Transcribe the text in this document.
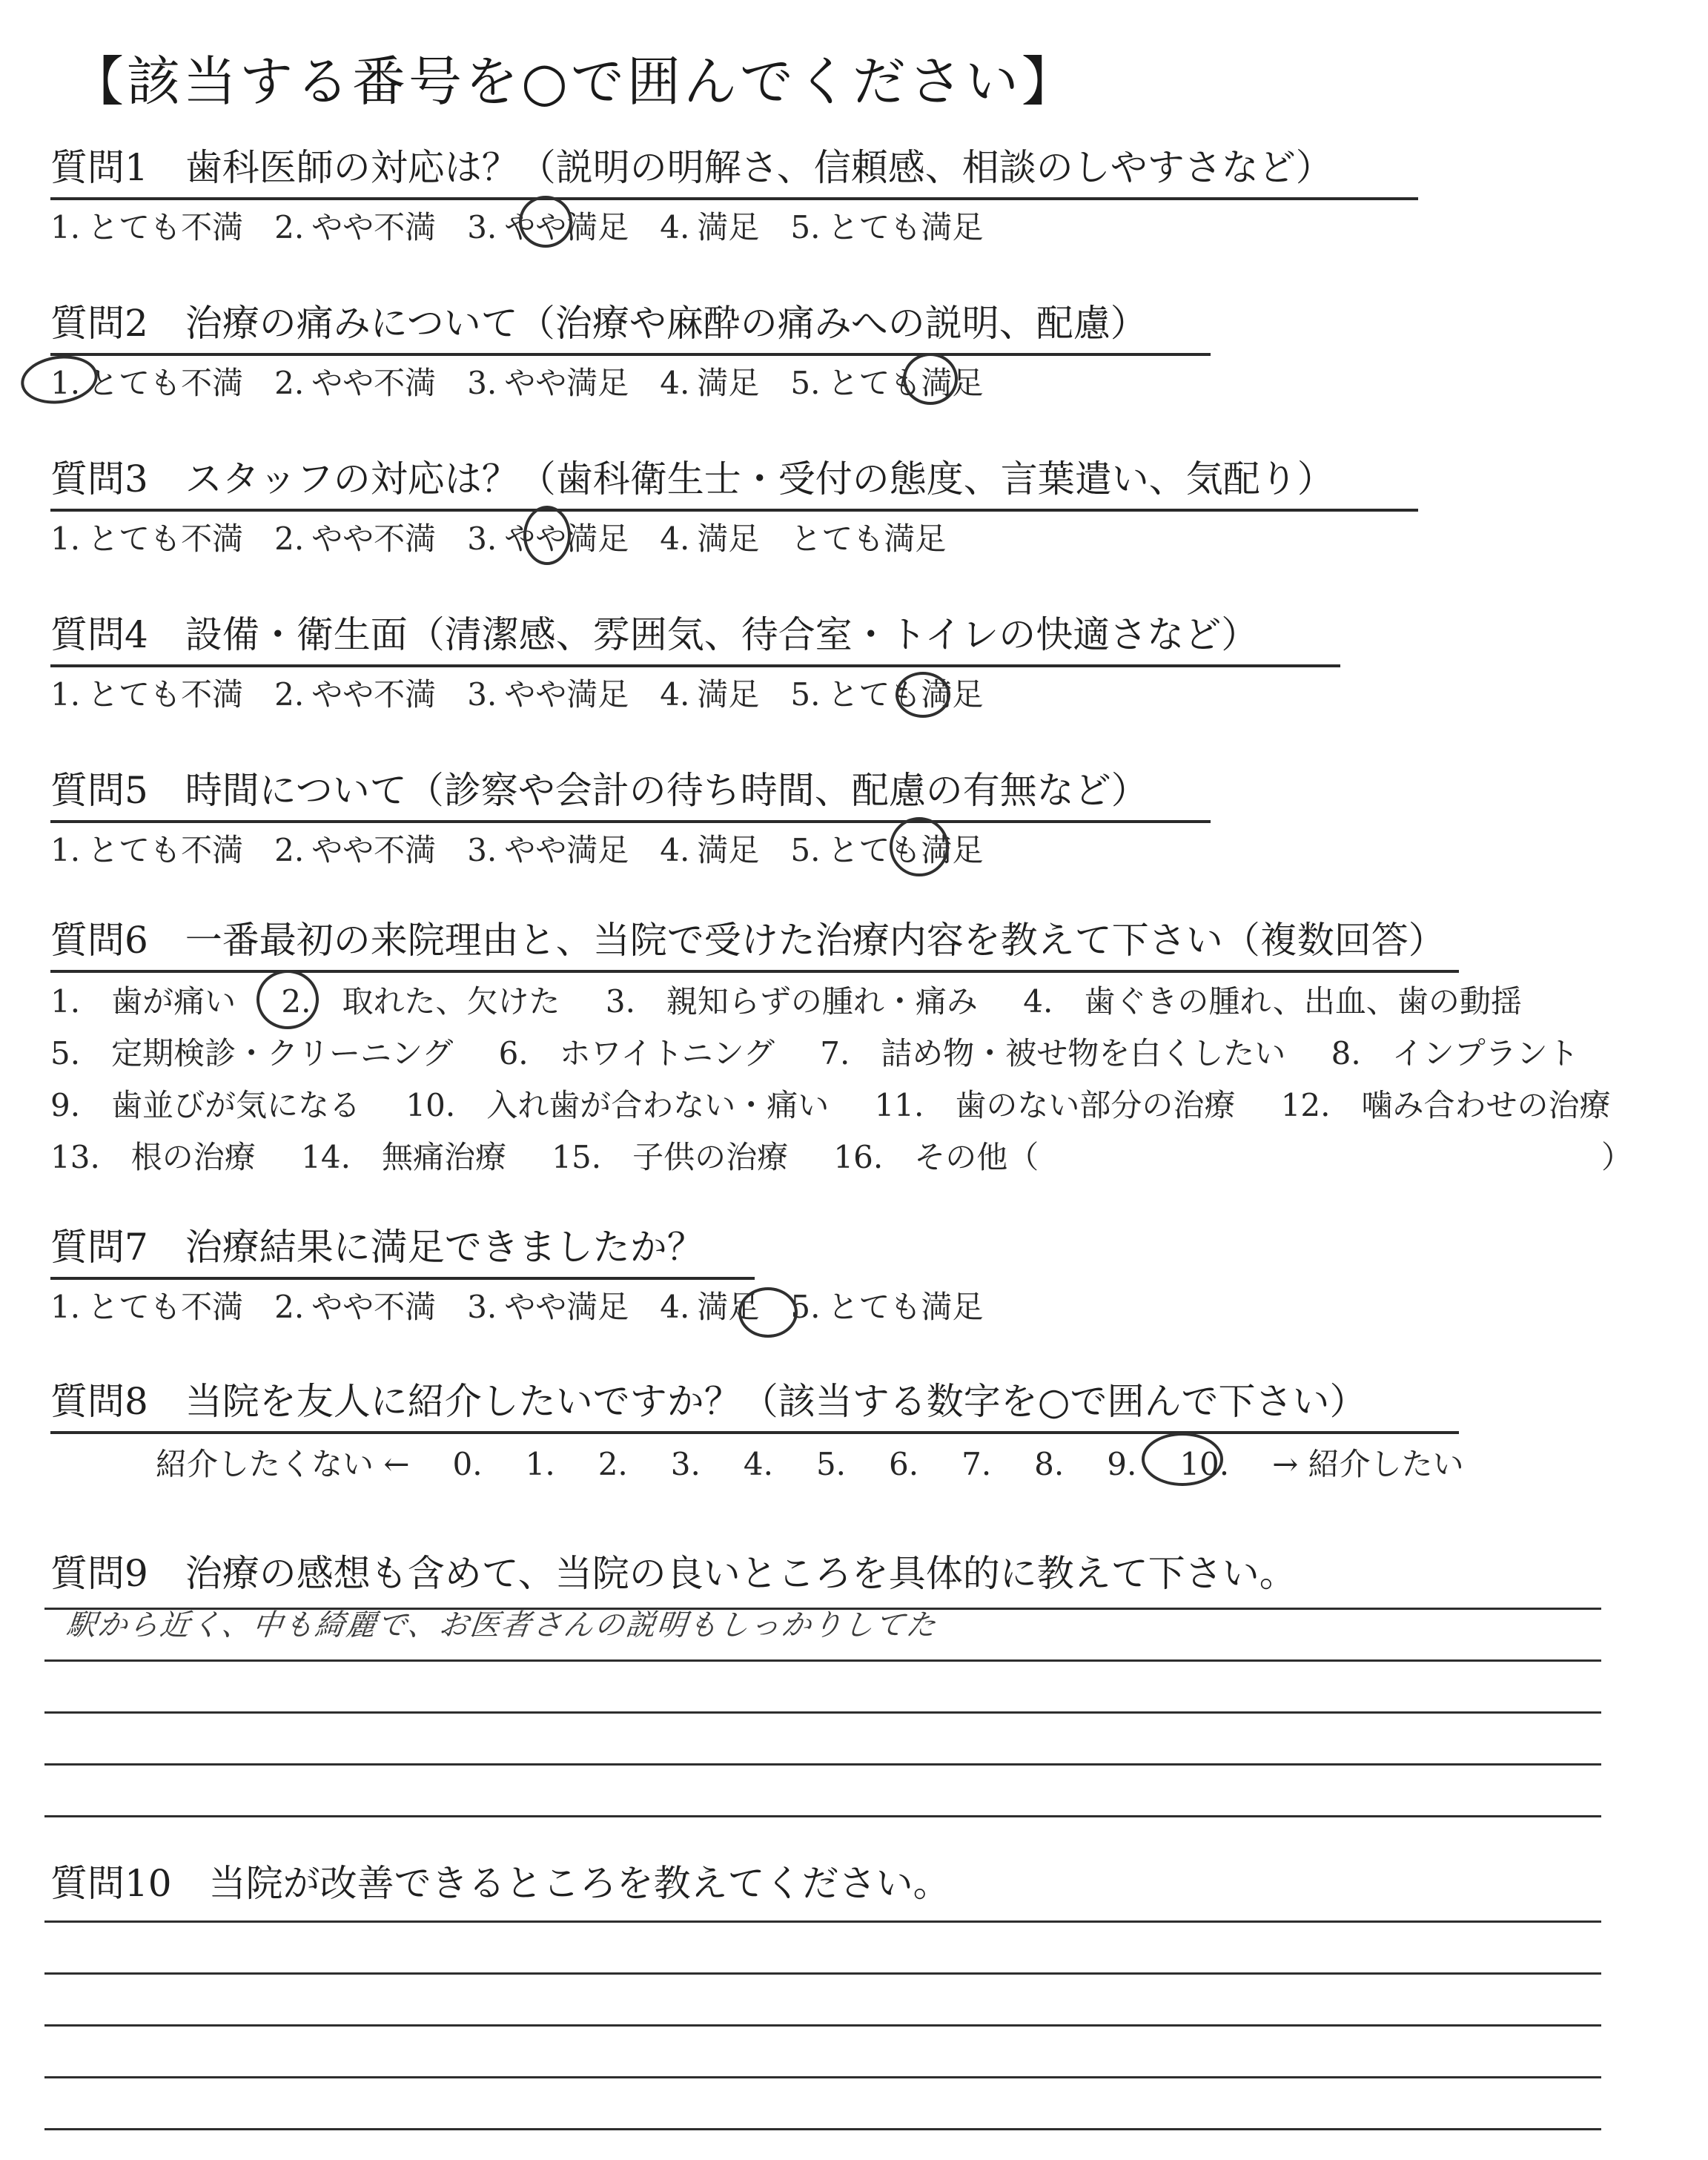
【該当する番号を○で囲んでください】
質問1　歯科医師の対応は？（説明の明解さ、信頼感、相談のしやすさなど）
1. とても不満 2. やや不満 3. やや満足 4. 満足 5. とても満足
質問2　治療の痛みについて（治療や麻酔の痛みへの説明、配慮）
1. とても不満 2. やや不満 3. やや満足 4. 満足 5. とても満足
質問3　スタッフの対応は？（歯科衛生士・受付の態度、言葉遣い、気配り）
1. とても不満 2. やや不満 3. やや満足 4. 満足 とても満足
質問4　設備・衛生面（清潔感、雰囲気、待合室・トイレの快適さなど）
1. とても不満 2. やや不満 3. やや満足 4. 満足 5. とても満足
質問5　時間について（診察や会計の待ち時間、配慮の有無など）
1. とても不満 2. やや不満 3. やや満足 4. 満足 5. とても満足
質問6　一番最初の来院理由と、当院で受けた治療内容を教えて下さい（複数回答）
1.　歯が痛い　 2.　取れた、欠けた　 3.　親知らずの腫れ・痛み　 4.　歯ぐきの腫れ、出血、歯の動揺
5.　定期検診・クリーニング　 6.　ホワイトニング　 7.　詰め物・被せ物を白くしたい　 8.　インプラント
9.　歯並びが気になる　 10.　入れ歯が合わない・痛い　 11.　歯のない部分の治療　 12.　噛み合わせの治療
13.　根の治療　 14.　無痛治療　 15.　子供の治療　 16.　その他（	）
質問7　治療結果に満足できましたか？
1. とても不満 2. やや不満 3. やや満足 4. 満足 5. とても満足
質問8　当院を友人に紹介したいですか？（該当する数字を○で囲んで下さい）
紹介したくない ← 0. 1. 2. 3. 4. 5. 6. 7. 8. 9. 10. → 紹介したい
質問9　治療の感想も含めて、当院の良いところを具体的に教えて下さい。
駅から近く、中も綺麗で、お医者さんの説明もしっかりしてた
質問10　当院が改善できるところを教えてください。
